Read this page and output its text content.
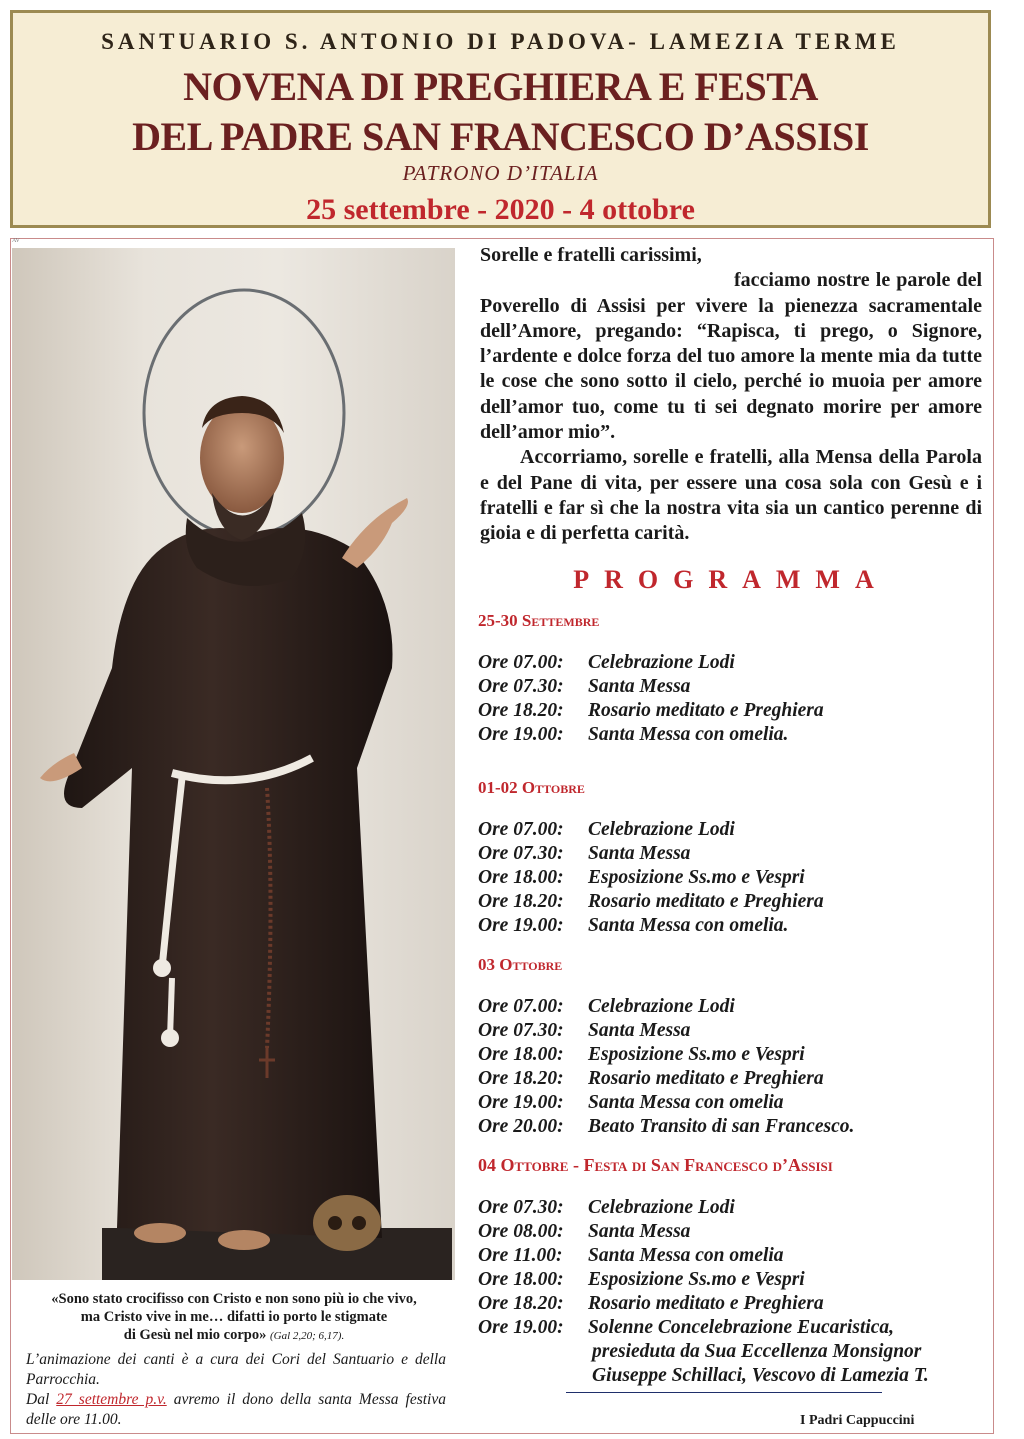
SANTUARIO S. ANTONIO DI PADOVA- LAMEZIA TERME
NOVENA DI PREGHIERA E FESTA
DEL PADRE SAN FRANCESCO D’ASSISI
PATRONO D’ITALIA
25 settembre - 2020 - 4 ottobre
AV
«Sono stato crocifisso con Cristo e non sono più io che vivo,
ma Cristo vive in me… difatti io porto le stigmate
di Gesù nel mio corpo» (Gal 2,20; 6,17).
L’animazione dei canti è a cura dei Cori del Santuario e della Parrocchia.
Dal 27 settembre p.v. avremo il dono della santa Messa festiva delle ore 11.00.

Sorelle e fratelli carissimi,

facciamo nostre le parole del Poverello di Assisi per vivere la pienezza sacramentale dell’Amore, pregando: “Rapisca, ti prego, o Signore, l’ardente e dolce forza del tuo amore la mente mia da tutte le cose che sono sotto il cielo, perché io muoia per amore dell’amor tuo, come tu ti sei degnato morire per amore dell’amor mio”.

Accorriamo, sorelle e fratelli, alla Mensa della Parola e del Pane di vita, per essere una cosa sola con Gesù e i fratelli e far sì che la nostra vita sia un cantico perenne di gioia e di perfetta carità.

PROGRAMMA
25-30 Settembre
Ore 07.00: Celebrazione Lodi
Ore 07.30: Santa Messa
Ore 18.20: Rosario meditato e Preghiera
Ore 19.00: Santa Messa con omelia.
01-02 Ottobre
Ore 07.00: Celebrazione Lodi
Ore 07.30: Santa Messa
Ore 18.00: Esposizione Ss.mo e Vespri
Ore 18.20: Rosario meditato e Preghiera
Ore 19.00: Santa Messa con omelia.
03 Ottobre
Ore 07.00: Celebrazione Lodi
Ore 07.30: Santa Messa
Ore 18.00: Esposizione Ss.mo e Vespri
Ore 18.20: Rosario meditato e Preghiera
Ore 19.00: Santa Messa con omelia
Ore 20.00: Beato Transito di san Francesco.
04 Ottobre - Festa di San Francesco d’Assisi
Ore 07.30: Celebrazione Lodi
Ore 08.00: Santa Messa
Ore 11.00: Santa Messa con omelia
Ore 18.00: Esposizione Ss.mo e Vespri
Ore 18.20: Rosario meditato e Preghiera
Ore 19.00: Solenne Concelebrazione Eucaristica,
presieduta da Sua Eccellenza Monsignor
Giuseppe Schillaci, Vescovo di Lamezia T.
I Padri Cappuccini
